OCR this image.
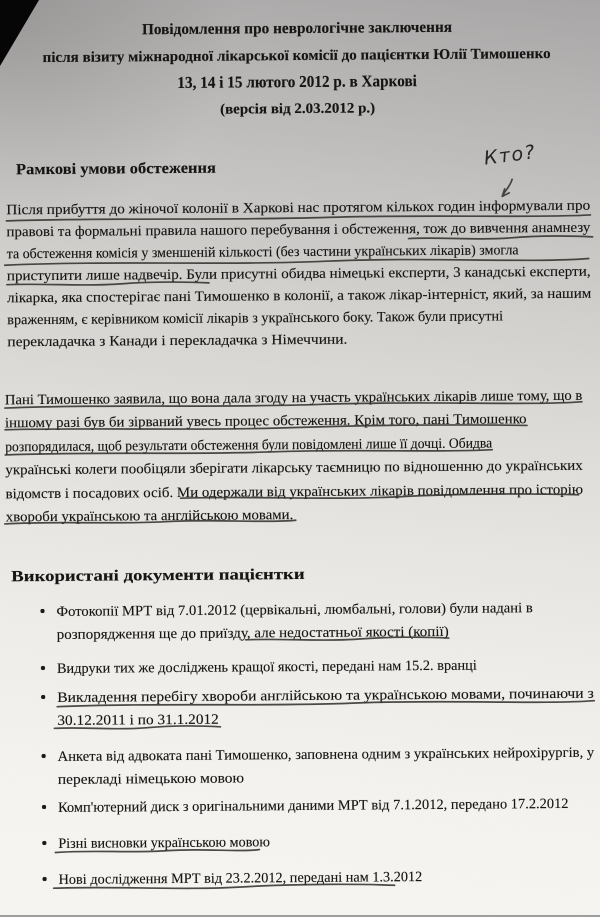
Повідомлення про неврологічне заключення
після візиту міжнародної лікарської комісії до пацієнтки Юлії Тимошенко
13, 14 і 15 лютого 2012 р. в Харкові
(версія від 2.03.2012 р.)
Рамкові умови обстеження
Після прибуття до жіночої колонії в Харкові нас протягом кількох годин інформували про
правові та формальні правила нашого перебування і обстеження, тож до вивчення анамнезу
та обстеження комісія у зменшеній кількості (без частини українських лікарів) змогла
приступити лише надвечір. Були присутні обидва німецькі експерти, 3 канадські експерти,
лікарка, яка спостерігає пані Тимошенко в колонії, а також лікар-інтерніст, який, за нашим
враженням, є керівником комісії лікарів з українського боку. Також були присутні
перекладачка з Канади і перекладачка з Німеччини.
Пані Тимошенко заявила, що вона дала згоду на участь українських лікарів лише тому, що в
іншому разі був би зірваний увесь процес обстеження. Крім того, пані Тимошенко
розпорядилася, щоб результати обстеження були повідомлені лише її дочці. Обидва
українські колеги пообіцяли зберігати лікарську таємницю по відношенню до українських
відомств і посадових осіб. Ми одержали від українських лікарів повідомлення про історію
хвороби українською та англійською мовами.
Використані документи пацієнтки
Фотокопії МРТ від 7.01.2012 (цервікальні, люмбальні, голови) були надані в
розпорядження ще до приїзду, але недостатньої якості (копії)
Видруки тих же досліджень кращої якості, передані нам 15.2. вранці
Викладення перебігу хвороби англійською та українською мовами, починаючи з
30.12.2011 і по 31.1.2012
Анкета від адвоката пані Тимошенко, заповнена одним з українських нейрохірургів, у
перекладі німецькою мовою
Комп'ютерний диск з оригінальними даними МРТ від 7.1.2012, передано 17.2.2012
Різні висновки українською мовою
Нові дослідження МРТ від 23.2.2012, передані нам 1.3.2012
Кто?
